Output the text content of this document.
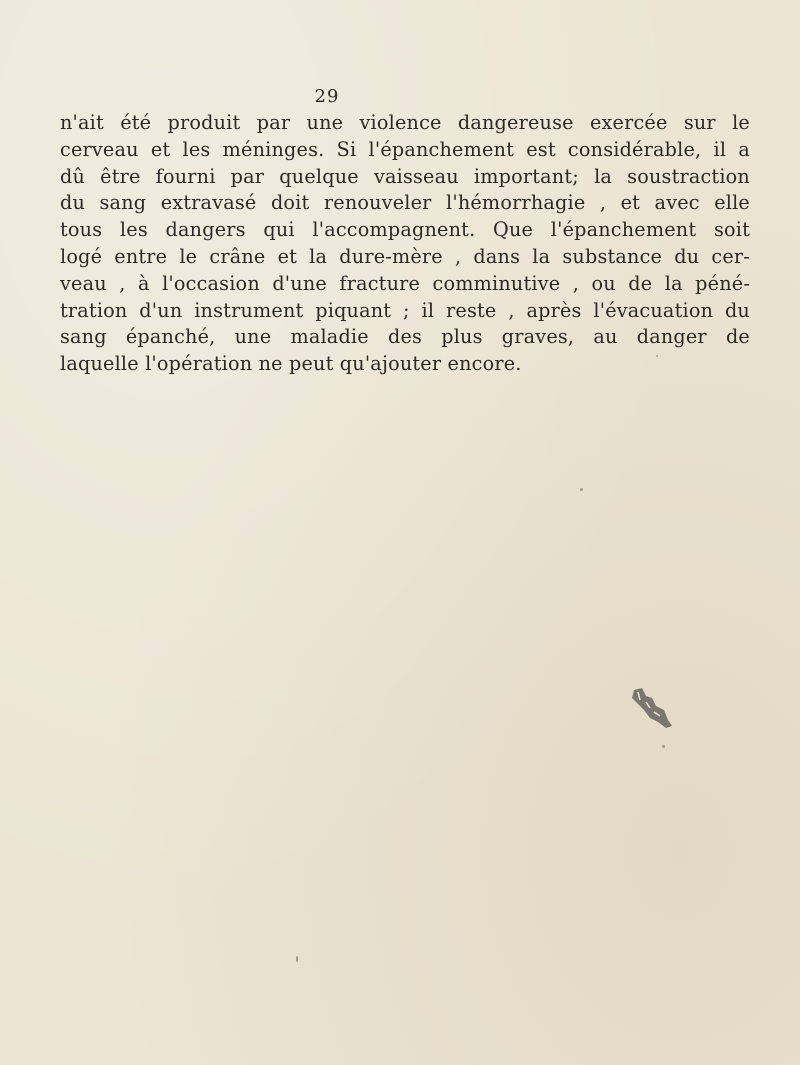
29

n'ait été produit par une violence dangereuse exercée sur le
cerveau et les méninges. Si l'épanchement est considérable, il a
dû être fourni par quelque vaisseau important; la soustraction
du sang extravasé doit renouveler l'hémorrhagie , et avec elle
tous les dangers qui l'accompagnent. Que l'épanchement soit
logé entre le crâne et la dure-mère , dans la substance du cer-
veau , à l'occasion d'une fracture comminutive , ou de la péné-
tration d'un instrument piquant ; il reste , après l'évacuation du
sang épanché, une maladie des plus graves, au danger de
laquelle l'opération ne peut qu'ajouter encore.
